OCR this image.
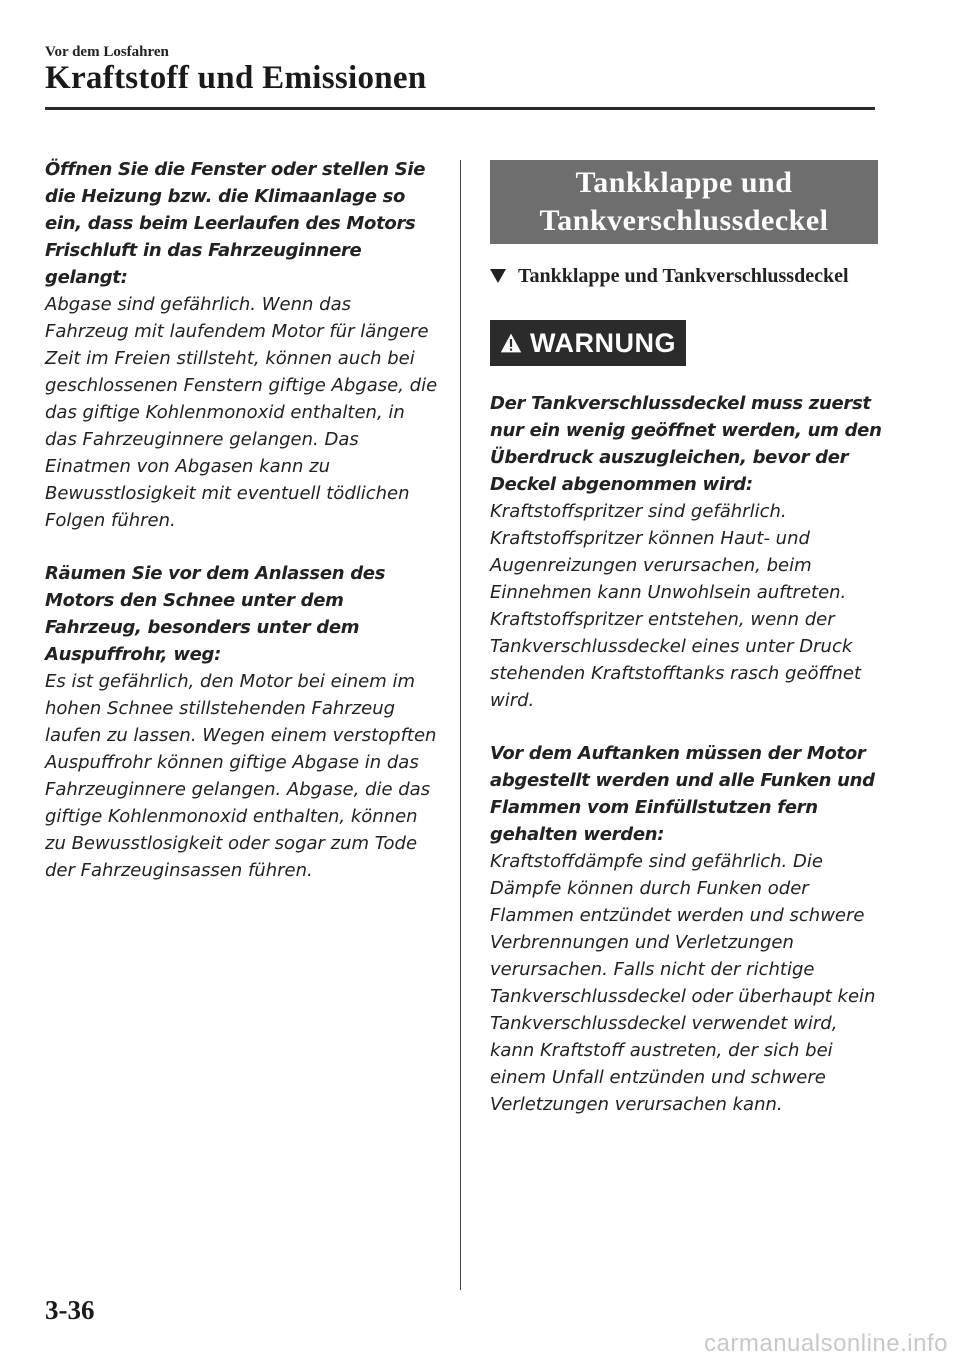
Vor dem Losfahren
Kraftstoff und Emissionen
Öffnen Sie die Fenster oder stellen Sie die Heizung bzw. die Klimaanlage so ein, dass beim Leerlaufen des Motors Frischluft in das Fahrzeuginnere gelangt:
Abgase sind gefährlich. Wenn das Fahrzeug mit laufendem Motor für längere Zeit im Freien stillsteht, können auch bei geschlossenen Fenstern giftige Abgase, die das giftige Kohlenmonoxid enthalten, in das Fahrzeuginnere gelangen. Das Einatmen von Abgasen kann zu Bewusstlosigkeit mit eventuell tödlichen Folgen führen.
Räumen Sie vor dem Anlassen des Motors den Schnee unter dem Fahrzeug, besonders unter dem Auspuffrohr, weg:
Es ist gefährlich, den Motor bei einem im hohen Schnee stillstehenden Fahrzeug laufen zu lassen. Wegen einem verstopften Auspuffrohr können giftige Abgase in das Fahrzeuginnere gelangen. Abgase, die das giftige Kohlenmonoxid enthalten, können zu Bewusstlosigkeit oder sogar zum Tode der Fahrzeuginsassen führen.
Tankklappe und Tankverschlussdeckel
Tankklappe und Tankverschlussdeckel
WARNUNG
Der Tankverschlussdeckel muss zuerst nur ein wenig geöffnet werden, um den Überdruck auszugleichen, bevor der Deckel abgenommen wird:
Kraftstoffspritzer sind gefährlich. Kraftstoffspritzer können Haut- und Augenreizungen verursachen, beim Einnehmen kann Unwohlsein auftreten. Kraftstoffspritzer entstehen, wenn der Tankverschlussdeckel eines unter Druck stehenden Kraftstofftanks rasch geöffnet wird.
Vor dem Auftanken müssen der Motor abgestellt werden und alle Funken und Flammen vom Einfüllstutzen fern gehalten werden:
Kraftstoffdämpfe sind gefährlich. Die Dämpfe können durch Funken oder Flammen entzündet werden und schwere Verbrennungen und Verletzungen verursachen. Falls nicht der richtige Tankverschlussdeckel oder überhaupt kein Tankverschlussdeckel verwendet wird, kann Kraftstoff austreten, der sich bei einem Unfall entzünden und schwere Verletzungen verursachen kann.
3-36
carmanualsonline.info
